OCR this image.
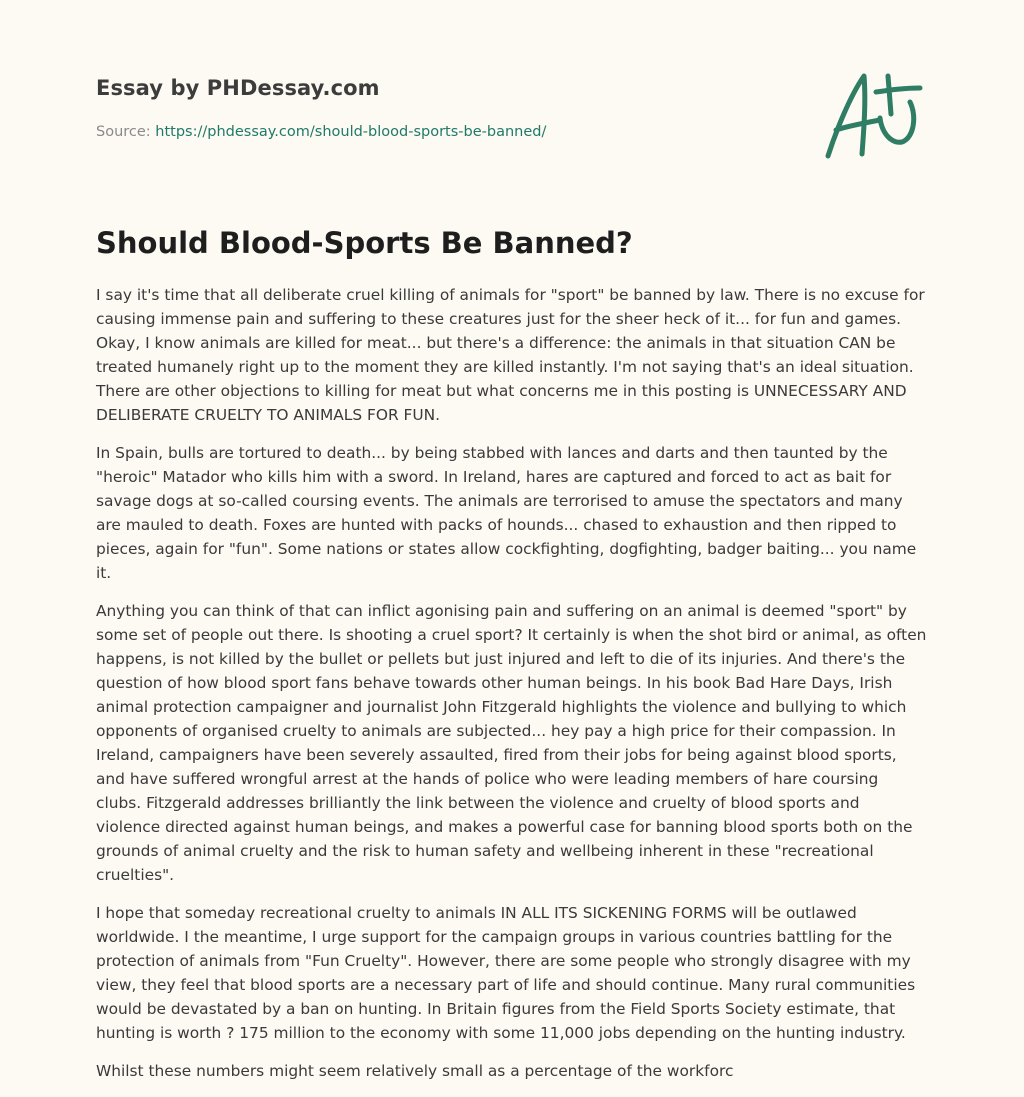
Essay by PHDessay.com

Source: https://phdessay.com/should-blood-sports-be-banned/

Should Blood-Sports Be Banned?

I say it's time that all deliberate cruel killing of animals for "sport" be banned by law. There is no excuse for causing immense pain and suffering to these creatures just for the sheer heck of it... for fun and games. Okay, I know animals are killed for meat... but there's a difference: the animals in that situation CAN be treated humanely right up to the moment they are killed instantly. I'm not saying that's an ideal situation. There are other objections to killing for meat but what concerns me in this posting is UNNECESSARY AND DELIBERATE CRUELTY TO ANIMALS FOR FUN.

In Spain, bulls are tortured to death... by being stabbed with lances and darts and then taunted by the "heroic" Matador who kills him with a sword. In Ireland, hares are captured and forced to act as bait for savage dogs at so-called coursing events. The animals are terrorised to amuse the spectators and many are mauled to death. Foxes are hunted with packs of hounds... chased to exhaustion and then ripped to pieces, again for "fun". Some nations or states allow cockfighting, dogfighting, badger baiting... you name it.

Anything you can think of that can inflict agonising pain and suffering on an animal is deemed "sport" by some set of people out there. Is shooting a cruel sport? It certainly is when the shot bird or animal, as often happens, is not killed by the bullet or pellets but just injured and left to die of its injuries. And there's the question of how blood sport fans behave towards other human beings. In his book Bad Hare Days, Irish animal protection campaigner and journalist John Fitzgerald highlights the violence and bullying to which opponents of organised cruelty to animals are subjected... hey pay a high price for their compassion. In Ireland, campaigners have been severely assaulted, fired from their jobs for being against blood sports, and have suffered wrongful arrest at the hands of police who were leading members of hare coursing clubs. Fitzgerald addresses brilliantly the link between the violence and cruelty of blood sports and violence directed against human beings, and makes a powerful case for banning blood sports both on the grounds of animal cruelty and the risk to human safety and wellbeing inherent in these "recreational cruelties".

I hope that someday recreational cruelty to animals IN ALL ITS SICKENING FORMS will be outlawed worldwide. I the meantime, I urge support for the campaign groups in various countries battling for the protection of animals from "Fun Cruelty". However, there are some people who strongly disagree with my view, they feel that blood sports are a necessary part of life and should continue. Many rural communities would be devastated by a ban on hunting. In Britain figures from the Field Sports Society estimate, that hunting is worth ? 175 million to the economy with some 11,000 jobs depending on the hunting industry.

Whilst these numbers might seem relatively small as a percentage of the workforc
